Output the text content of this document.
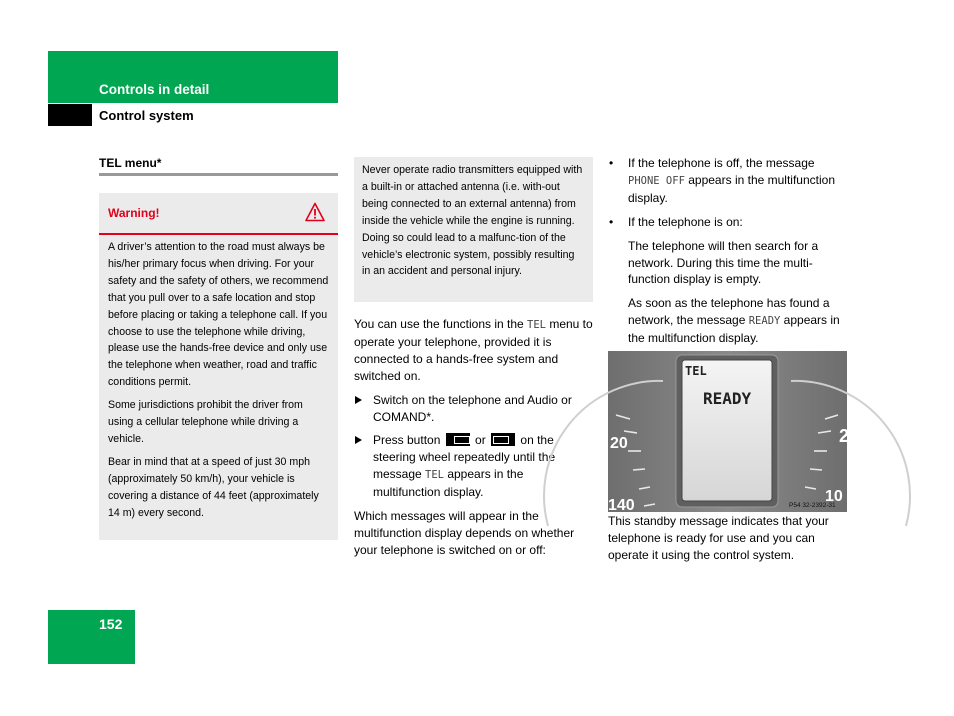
Controls in detail
Control system
TEL menu*
Warning!

A driver’s attention to the road must always be his/her primary focus when driving. For your safety and the safety of others, we recommend that you pull over to a safe location and stop before placing or taking a telephone call. If you choose to use the telephone while driving, please use the hands-free device and only use the telephone when weather, road and traffic conditions permit.

Some jurisdictions prohibit the driver from using a cellular telephone while driving a vehicle.

Bear in mind that at a speed of just 30 mph (approximately 50 km/h), your vehicle is covering a distance of 44 feet (approximately 14 m) every second.

Never operate radio transmitters equipped with a built-in or attached antenna (i.e. with-out being connected to an external antenna) from inside the vehicle while the engine is running. Doing so could lead to a malfunc-tion of the vehicle’s electronic system, possibly resulting in an accident and personal injury.

You can use the functions in the TEL menu to operate your telephone, provided it is connected to a hands-free system and switched on.

Switch on the telephone and Audio or COMAND*.

Press button
or
on the steering wheel repeatedly until the message TEL appears in the multifunction display.

Which messages will appear in the multifunction display depends on whether your telephone is switched on or off:

• If the telephone is off, the message PHONE OFF appears in the multifunction display.

• If the telephone is on:

The telephone will then search for a network. During this time the multi-function display is empty.

As soon as the telephone has found a network, the message READY appears in the multifunction display.

TEL
READY
20
140
2
10
P54 32-2392-31
This standby message indicates that your telephone is ready for use and you can operate it using the control system.
152
